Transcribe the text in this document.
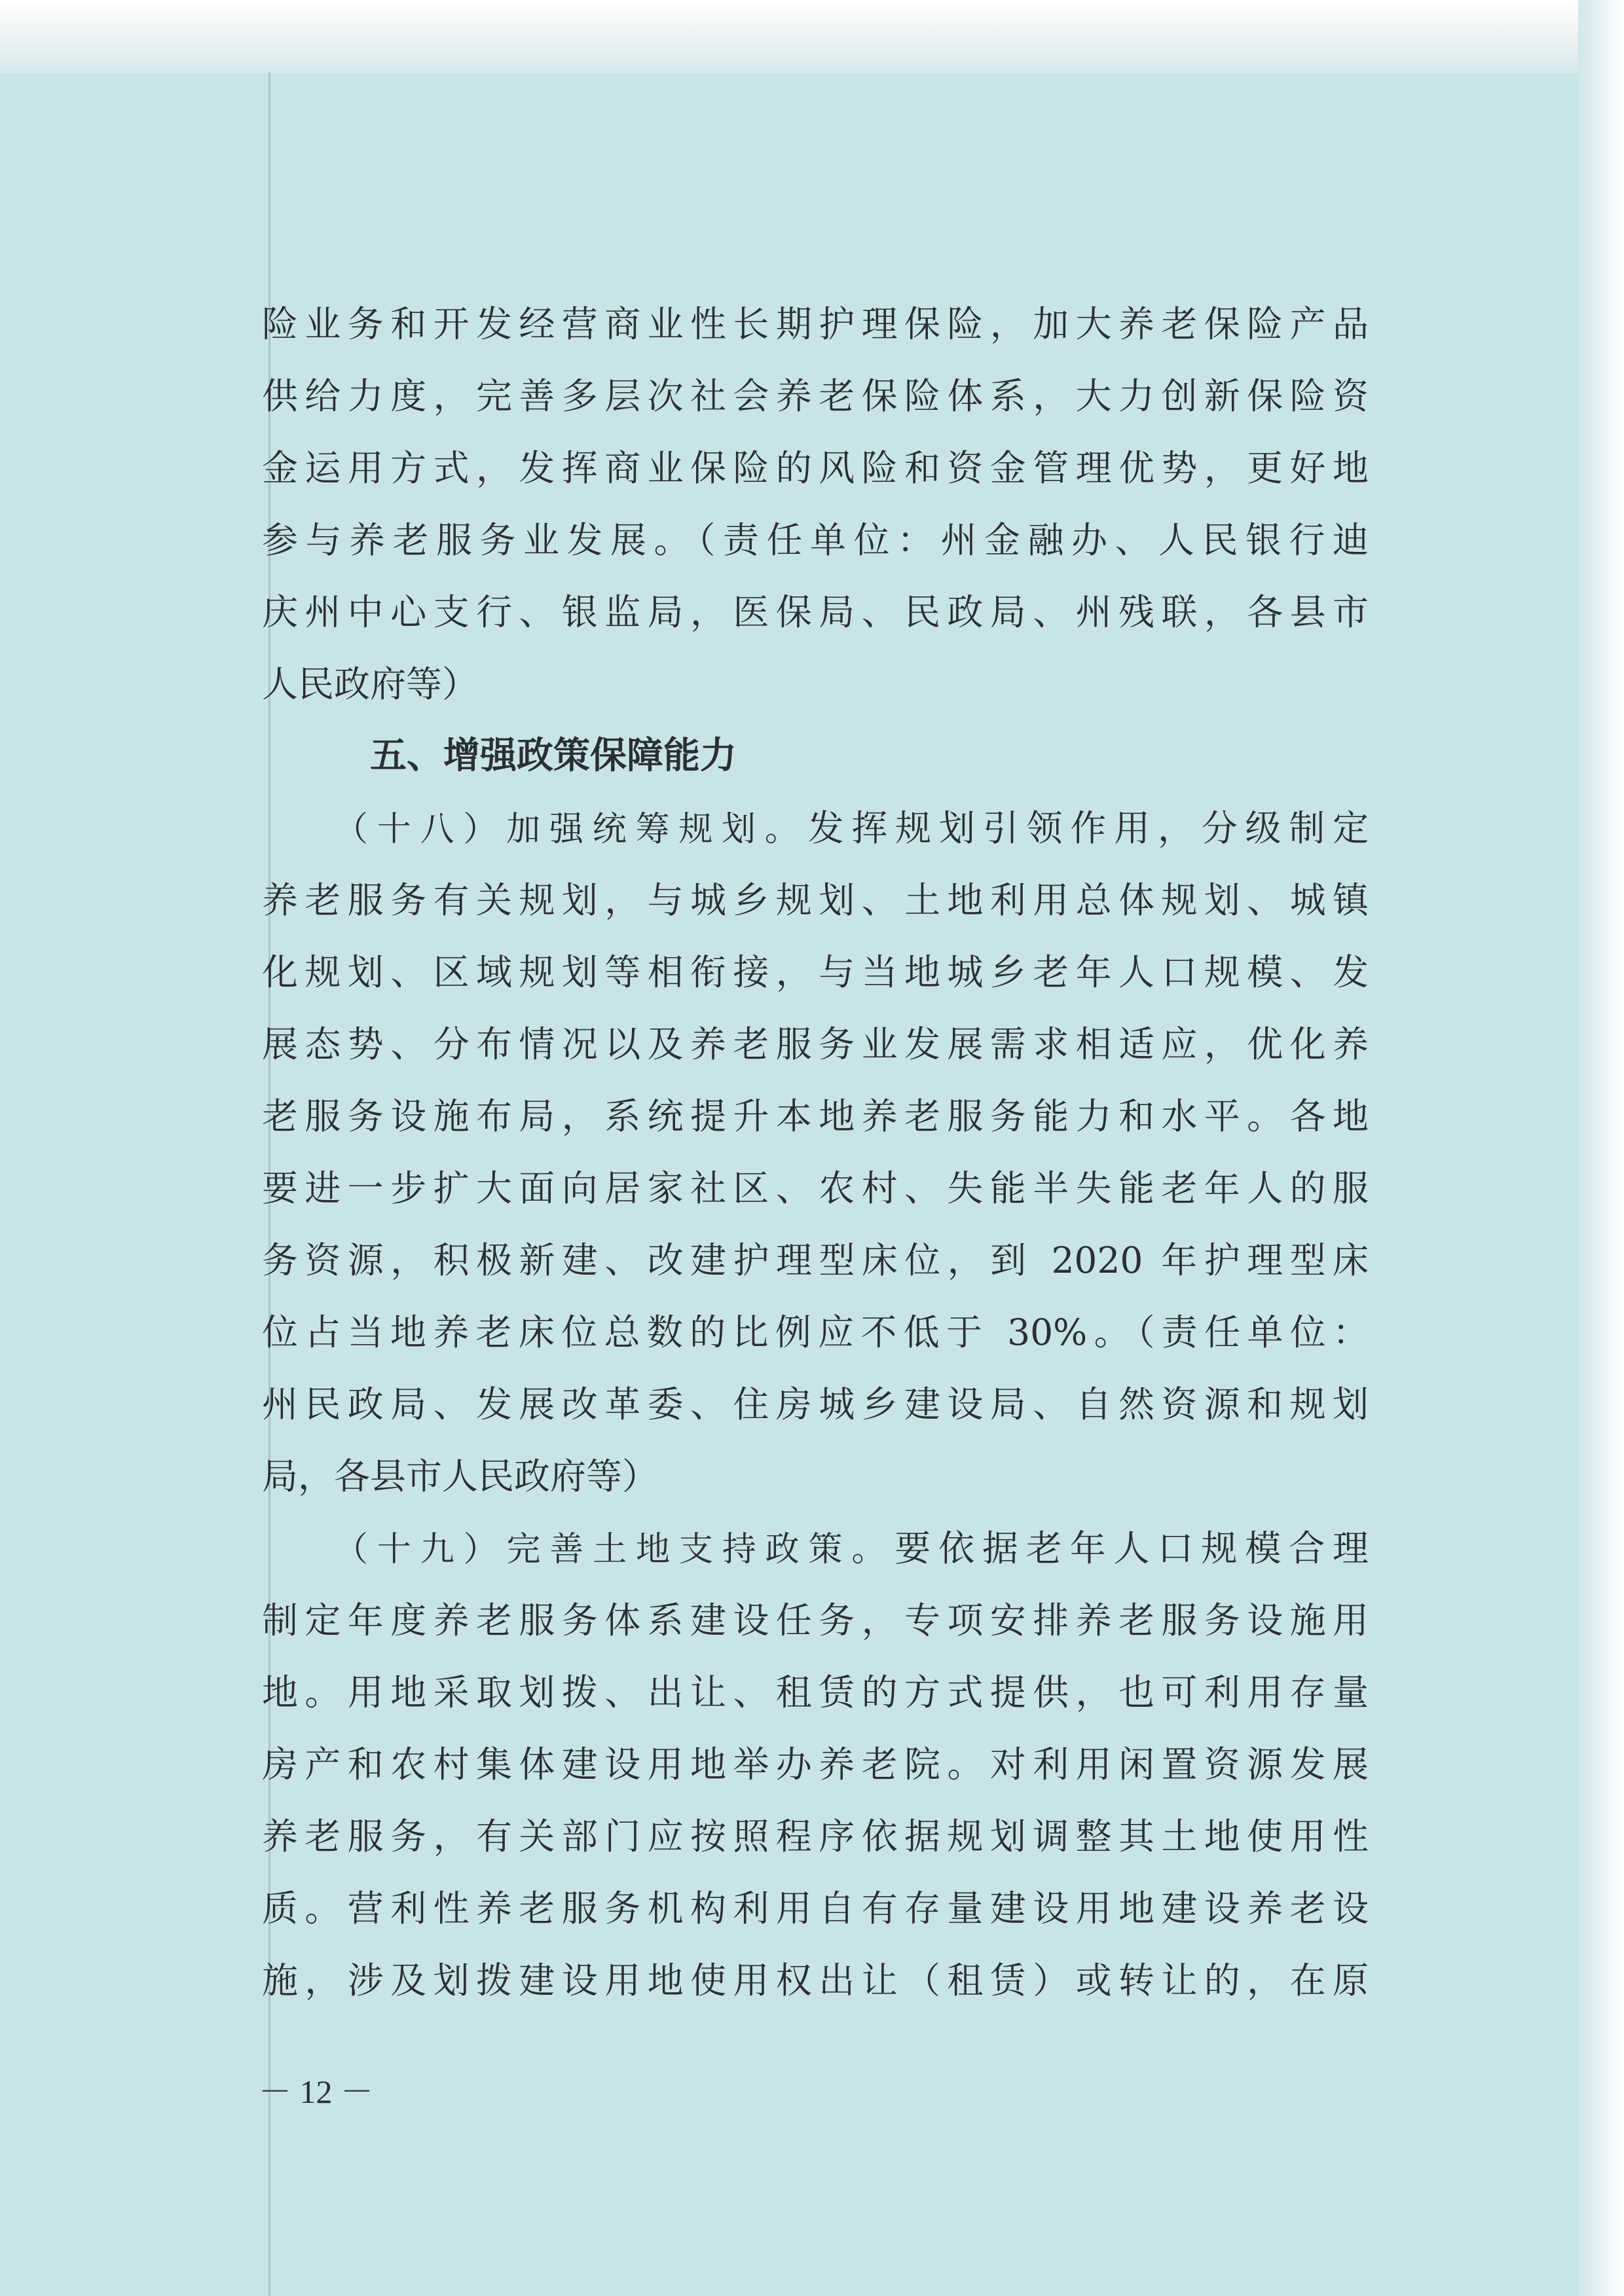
险业务和开发经营商业性长期护理保险，加大养老保险产品
供给力度，完善多层次社会养老保险体系，大力创新保险资
金运用方式，发挥商业保险的风险和资金管理优势，更好地
参与养老服务业发展。（责任单位：州金融办、人民银行迪
庆州中心支行、银监局，医保局、民政局、州残联，各县市
人民政府等）
五、增强政策保障能力
（十八）加强统筹规划。发挥规划引领作用，分级制定
养老服务有关规划，与城乡规划、土地利用总体规划、城镇
化规划、区域规划等相衔接，与当地城乡老年人口规模、发
展态势、分布情况以及养老服务业发展需求相适应，优化养
老服务设施布局，系统提升本地养老服务能力和水平。各地
要进一步扩大面向居家社区、农村、失能半失能老年人的服
务资源，积极新建、改建护理型床位，到 2020 年护理型床
位占当地养老床位总数的比例应不低于 30%。（责任单位：
州民政局、发展改革委、住房城乡建设局、自然资源和规划
局，各县市人民政府等）
（十九）完善土地支持政策。要依据老年人口规模合理
制定年度养老服务体系建设任务，专项安排养老服务设施用
地。用地采取划拨、出让、租赁的方式提供，也可利用存量
房产和农村集体建设用地举办养老院。对利用闲置资源发展
养老服务，有关部门应按照程序依据规划调整其土地使用性
质。营利性养老服务机构利用自有存量建设用地建设养老设
施，涉及划拨建设用地使用权出让（租赁）或转让的，在原
－ 12 －
